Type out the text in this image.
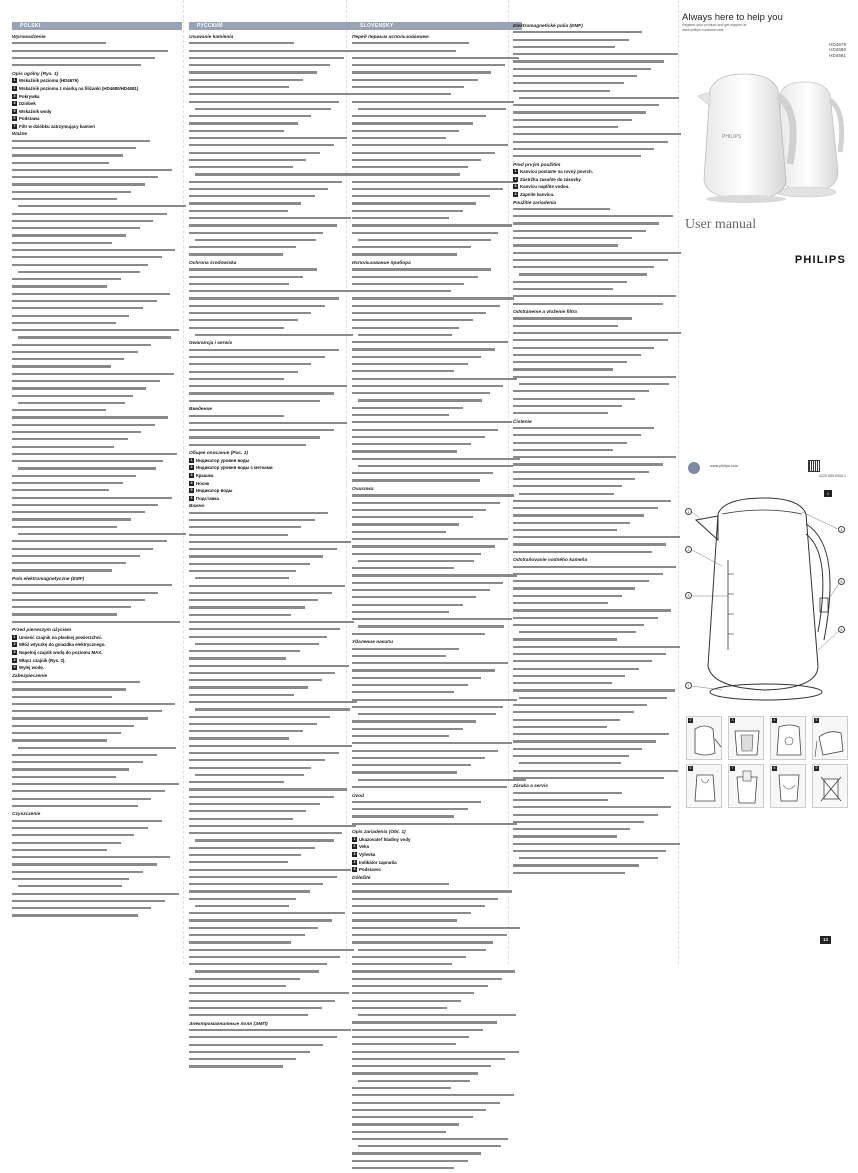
POLSKI
Wprowadzenie
Opis ogólny (Rys. 1)
1 Wskaźnik poziomu (HD4679)
2 Wskaźnik poziomu z miarką na filiżanki (HD4680/HD4681)
3 Pokrywka
4 Dzióbek
5 Wskaźnik wody
6 Podstawa
7 Filtr w dzióbku zatrzymujący kamień
Ważne
Pola elektromagnetyczne (EMF)
Przed pierwszym użyciem
1 Umieść czajnik na płaskiej powierzchni.
2 Włóż wtyczkę do gniazdka elektrycznego.
3 Napełnij czajnik wodą do poziomu MAX.
4 Włącz czajnik (Rys. 2).
5 Wylej wodę.
Zabezpieczenie
Czyszczenie
РУССКИЙ
Usuwanie kamienia
Ochrona środowiska
Gwarancja i serwis
Введение
Общее описание (Рис. 1)
1 Индикатор уровня воды
2 Индикатор уровня воды с метками
3 Крышка
4 Носик
5 Индикатор воды
6 Подставка
Важно
Электромагнитные поля (ЭМП)
SLOVENSKY
Перед первым использованием
Использование прибора
Очистка
Удаление накипи
Úvod
Opis zariadenia (Obr. 1)
1 Ukazovateľ hladiny vody
2 Veko
3 Výlevka
4 Indikátor zapnutia
5 Podstavec
Dôležité
Elektromagnetické polia (EMF)
Pred prvým použitím
1 Kanvicu postavte na rovný povrch.
2 Zástrčku zasuňte do zásuvky.
3 Kanvicu naplňte vodou.
4 Zapnite kanvicu.
Použitie zariadenia
Odstránenie a vloženie filtra
Čistenie
Odstraňovanie vodného kameňa
Záruka a servis
Always here to help you
Register your product and get support at
www.philips.com/welcome
HD4679
HD4680
HD4681
PHILIPS
User manual
PHILIPS
www.philips.com
4222.005.0000.1
1
1
2
3
4
5
6
7
2	3	4	5
6	7	8	9
13
